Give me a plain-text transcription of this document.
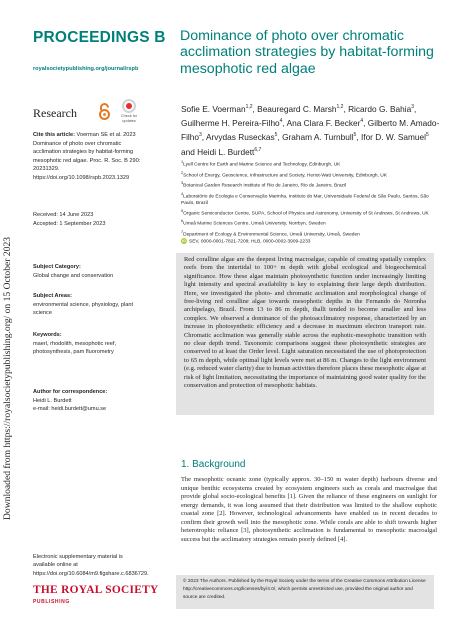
Downloaded from https://royalsocietypublishing.org/ on 15 October 2023
PROCEEDINGS B
royalsocietypublishing.org/journal/rspb
Research	Check for
updates
Cite this article: Voerman SE et al. 2023 Dominance of photo over chromatic acclimation strategies by habitat-forming mesophotic red algae. Proc. R. Soc. B 290: 20231329. https://doi.org/10.1098/rspb.2023.1329
Received: 14 June 2023
Accepted: 1 September 2023
Subject Category:
Global change and conservation
Subject Areas:
environmental science, physiology, plant science
Keywords:
maerl, rhodolith, mesophotic reef, photosynthesis, pam fluorometry
Author for correspondence:
Heidi L. Burdett
e-mail: heidi.burdett@umu.se
Electronic supplementary material is available online at https://doi.org/10.6084/m9.figshare.c.6836729.
THE ROYAL SOCIETY
PUBLISHING
Dominance of photo over chromatic acclimation strategies by habitat-forming mesophotic red algae
Sofie E. Voerman$^{1,2}$, Beauregard C. Marsh$^{1,2}$, Ricardo G. Bahia$^3$, Guilherme H. Pereira-Filho$^4$, Ana Clara F. Becker$^4$, Gilberto M. Amado-Filho$^3$, Arvydas Ruseckas$^5$, Graham A. Turnbull$^5$, Ifor D. W. Samuel$^5$ and Heidi L. Burdett$^{6,7}$
$^1$Lyell Centre for Earth and Marine Science and Technology, Edinburgh, UK
$^2$School of Energy, Geoscience, Infrastructure and Society, Heriot-Watt University, Edinburgh, UK
$^3$Botanical Garden Research Institute of Rio de Janeiro, Rio de Janeiro, Brazil
$^4$Laboratório de Ecologia e Conservação Marinha, Instituto do Mar, Universidade Federal de São Paulo, Santos, São Paulo, Brazil
$^5$Organic Semiconductor Centre, SUPA, School of Physics and Astronomy, University of St Andrews, St Andrews, UK
$^6$Umeå Marine Sciences Centre, Umeå University, Norrbyn, Sweden
$^7$Department of Ecology & Environmental Science, Umeå University, Umeå, Sweden
iD SEV, 0000-0001-7821-7208; HLB, 0000-0002-3909-2233

Red coralline algae are the deepest living macroalgae, capable of creating spatially complex reefs from the intertidal to 100+ m depth with global ecological and biogeochemical significance. How these algae maintain photosynthetic function under increasingly limiting light intensity and spectral availability is key to explaining their large depth distribution. Here, we investigated the photo- and chromatic acclimation and morphological change of free-living red coralline algae towards mesophotic depths in the Fernando do Noronha archipelago, Brazil. From 13 to 86 m depth, thalli tended to become smaller and less complex. We observed a dominance of the photoacclimatory response, characterized by an increase in photosynthetic efficiency and a decrease in maximum electron transport rate. Chromatic acclimation was generally stable across the euphotic-mesophotic transition with no clear depth trend. Taxonomic comparisons suggest these photosynthetic strategies are conserved to at least the Order level. Light saturation necessitated the use of photoprotection to 65 m depth, while optimal light levels were met at 86 m. Changes to the light environment (e.g. reduced water clarity) due to human activities therefore places these mesophotic algae at risk of light limitation, necessitating the importance of maintaining good water quality for the conservation and protection of mesophotic habitats.

1. Background

The mesophotic oceanic zone (typically approx. 30–150 m water depth) harbours diverse and unique benthic ecosystems created by ecosystem engineers such as corals and macroalgae that provide global socio-ecological benefits [1]. Given the reliance of these engineers on sunlight for energy demands, it was long assumed that their distribution was limited to the shallow euphotic coastal zone [2]. However, technological advancements have enabled us in recent decades to confirm their growth well into the mesophotic zone. While corals are able to shift towards higher heterotrophic reliance [3], photosynthetic acclimation is fundamental to mesophotic macroalgal success but the acclimatory strategies remain poorly defined [4].

© 2023 The Authors. Published by the Royal Society under the terms of the Creative Commons Attribution License http://creativecommons.org/licenses/by/4.0/, which permits unrestricted use, provided the original author and source are credited.
